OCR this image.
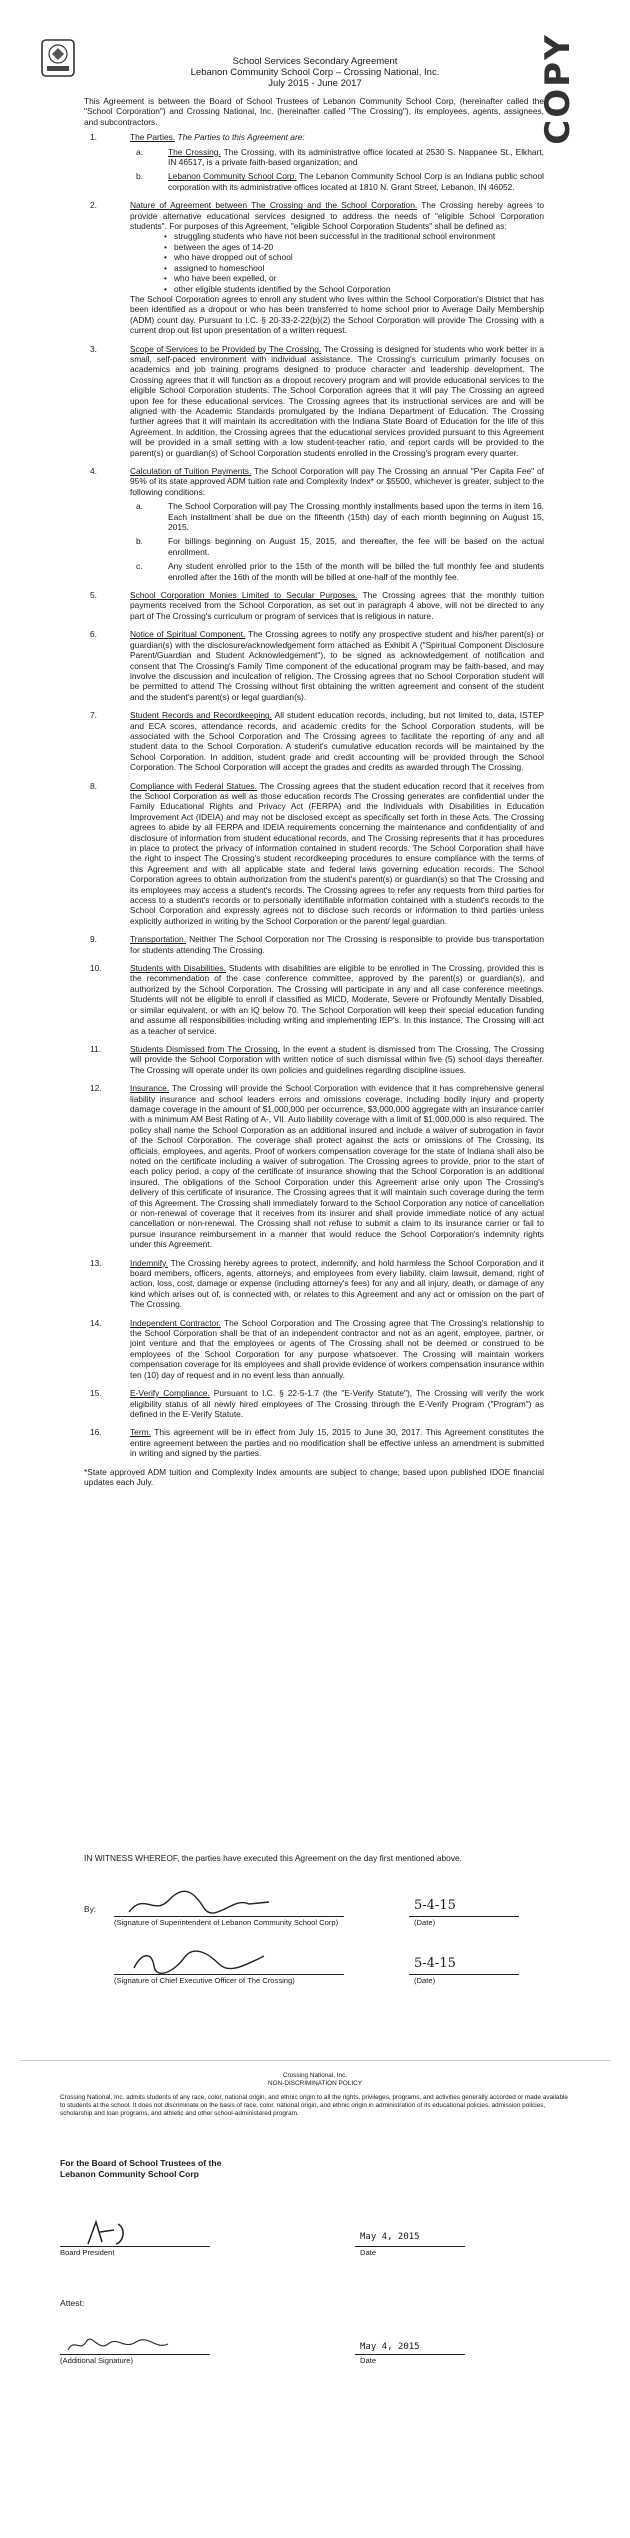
COPY
School Services Secondary Agreement
Lebanon Community School Corp – Crossing National, Inc.
July 2015 - June 2017

This Agreement is between the Board of School Trustees of Lebanon Community School Corp, (hereinafter called the "School Corporation") and Crossing National, Inc. (hereinafter called "The Crossing"), its employees, agents, assignees, and subcontractors.

1.	The Parties. The Parties to this Agreement are:
a.	The Crossing. The Crossing, with its administrative office located at 2530 S. Nappanee St., Elkhart, IN 46517, is a private faith-based organization; and
b.	Lebanon Community School Corp. The Lebanon Community School Corp is an Indiana public school corporation with its administrative offices located at 1810 N. Grant Street, Lebanon, IN 46052.
2.	Nature of Agreement between The Crossing and the School Corporation. The Crossing hereby agrees to provide alternative educational services designed to address the needs of "eligible School Corporation students". For purposes of this Agreement, "eligible School Corporation Students" shall be defined as:
• struggling students who have not been successful in the traditional school environment
• between the ages of 14-20
• who have dropped out of school
• assigned to homeschool
• who have been expelled, or
• other eligible students identified by the School Corporation
The School Corporation agrees to enroll any student who lives within the School Corporation's District that has been identified as a dropout or who has been transferred to home school prior to Average Daily Membership (ADM) count day. Pursuant to I.C. § 20-33-2-22(b)(2) the School Corporation will provide The Crossing with a current drop out list upon presentation of a written request.
3.	Scope of Services to be Provided by The Crossing. The Crossing is designed for students who work better in a small, self-paced environment with individual assistance. The Crossing's curriculum primarily focuses on academics and job training programs designed to produce character and leadership development. The Crossing agrees that it will function as a dropout recovery program and will provide educational services to the eligible School Corporation students. The School Corporation agrees that it will pay The Crossing an agreed upon fee for these educational services. The Crossing agrees that its instructional services are and will be aligned with the Academic Standards promulgated by the Indiana Department of Education. The Crossing further agrees that it will maintain its accreditation with the Indiana State Board of Education for the life of this Agreement. In addition, the Crossing agrees that the educational services provided pursuant to this Agreement will be provided in a small setting with a low student-teacher ratio, and report cards will be provided to the parent(s) or guardian(s) of School Corporation students enrolled in the Crossing's program every quarter.
4.	Calculation of Tuition Payments. The School Corporation will pay The Crossing an annual "Per Capita Fee" of 95% of its state approved ADM tuition rate and Complexity Index* or $5500, whichever is greater, subject to the following conditions:
a.	The School Corporation will pay The Crossing monthly installments based upon the terms in item 16. Each installment shall be due on the fifteenth (15th) day of each month beginning on August 15, 2015.
b.	For billings beginning on August 15, 2015, and thereafter, the fee will be based on the actual enrollment.
c.	Any student enrolled prior to the 15th of the month will be billed the full monthly fee and students enrolled after the 16th of the month will be billed at one-half of the monthly fee.
5.	School Corporation Monies Limited to Secular Purposes. The Crossing agrees that the monthly tuition payments received from the School Corporation, as set out in paragraph 4 above, will not be directed to any part of The Crossing's curriculum or program of services that is religious in nature.
6.	Notice of Spiritual Component. The Crossing agrees to notify any prospective student and his/her parent(s) or guardian(s) with the disclosure/acknowledgement form attached as Exhibit A ("Spiritual Component Disclosure Parent/Guardian and Student Acknowledgement"), to be signed as acknowledgement of notification and consent that The Crossing's Family Time component of the educational program may be faith-based, and may involve the discussion and inculcation of religion. The Crossing agrees that no School Corporation student will be permitted to attend The Crossing without first obtaining the written agreement and consent of the student and the student's parent(s) or legal guardian(s).
7.	Student Records and Recordkeeping. All student education records, including, but not limited to, data, ISTEP and ECA scores, attendance records, and academic credits for the School Corporation students, will be associated with the School Corporation and The Crossing agrees to facilitate the reporting of any and all student data to the School Corporation. A student's cumulative education records will be maintained by the School Corporation. In addition, student grade and credit accounting will be provided through the School Corporation. The School Corporation will accept the grades and credits as awarded through The Crossing.
8.	Compliance with Federal Statues. The Crossing agrees that the student education record that it receives from the School Corporation as well as those education records The Crossing generates are confidential under the Family Educational Rights and Privacy Act (FERPA) and the Individuals with Disabilities in Education Improvement Act (IDEIA) and may not be disclosed except as specifically set forth in these Acts. The Crossing agrees to abide by all FERPA and IDEIA requirements concerning the maintenance and confidentiality of and disclosure of information from student educational records, and The Crossing represents that it has procedures in place to protect the privacy of information contained in student records. The School Corporation shall have the right to inspect The Crossing's student recordkeeping procedures to ensure compliance with the terms of this Agreement and with all applicable state and federal laws governing education records. The School Corporation agrees to obtain authorization from the student's parent(s) or guardian(s) so that The Crossing and its employees may access a student's records. The Crossing agrees to refer any requests from third parties for access to a student's records or to personally identifiable information contained with a student's records to the School Corporation and expressly agrees not to disclose such records or information to third parties unless explicitly authorized in writing by the School Corporation or the parent/ legal guardian.
9.	Transportation. Neither The School Corporation nor The Crossing is responsible to provide bus transportation for students attending The Crossing.
10.	Students with Disabilities. Students with disabilities are eligible to be enrolled in The Crossing, provided this is the recommendation of the case conference committee, approved by the parent(s) or guardian(s), and authorized by the School Corporation. The Crossing will participate in any and all case conference meetings. Students will not be eligible to enroll if classified as MICD, Moderate, Severe or Profoundly Mentally Disabled, or similar equivalent, or with an IQ below 70. The School Corporation will keep their special education funding and assume all responsibilities including writing and implementing IEP's. In this instance, The Crossing will act as a teacher of service.
11.	Students Dismissed from The Crossing. In the event a student is dismissed from The Crossing, The Crossing will provide the School Corporation with written notice of such dismissal within five (5) school days thereafter. The Crossing will operate under its own policies and guidelines regarding discipline issues.
12.	Insurance. The Crossing will provide the School Corporation with evidence that it has comprehensive general liability insurance and school leaders errors and omissions coverage, including bodily injury and property damage coverage in the amount of $1,000,000 per occurrence, $3,000,000 aggregate with an insurance carrier with a minimum AM Best Rating of A-, VII. Auto liability coverage with a limit of $1,000,000 is also required. The policy shall name the School Corporation as an additional insured and include a waiver of subrogation in favor of the School Corporation. The coverage shall protect against the acts or omissions of The Crossing, its officials, employees, and agents. Proof of workers compensation coverage for the state of Indiana shall also be noted on the certificate including a waiver of subrogation. The Crossing agrees to provide, prior to the start of each policy period, a copy of the certificate of insurance showing that the School Corporation is an additional insured. The obligations of the School Corporation under this Agreement arise only upon The Crossing's delivery of this certificate of insurance. The Crossing agrees that it will maintain such coverage during the term of this Agreement. The Crossing shall immediately forward to the School Corporation any notice of cancellation or non-renewal of coverage that it receives from its insurer and shall provide immediate notice of any actual cancellation or non-renewal. The Crossing shall not refuse to submit a claim to its insurance carrier or fail to pursue insurance reimbursement in a manner that would reduce the School Corporation's indemnity rights under this Agreement.
13.	Indemnify. The Crossing hereby agrees to protect, indemnify, and hold harmless the School Corporation and it board members, officers, agents, attorneys, and employees from every liability, claim lawsuit, demand, right of action, loss, cost, damage or expense (including attorney's fees) for any and all injury, death, or damage of any kind which arises out of, is connected with, or relates to this Agreement and any act or omission on the part of The Crossing.
14.	Independent Contractor. The School Corporation and The Crossing agree that The Crossing's relationship to the School Corporation shall be that of an independent contractor and not as an agent, employee, partner, or joint venture and that the employees or agents of The Crossing shall not be deemed or construed to be employees of the School Corporation for any purpose whatsoever. The Crossing will maintain workers compensation coverage for its employees and shall provide evidence of workers compensation insurance within ten (10) day of request and in no event less than annually.
15.	E-Verify Compliance. Pursuant to I.C. § 22-5-1.7 (the "E-Verify Statute"), The Crossing will verify the work eligibility status of all newly hired employees of The Crossing through the E-Verify Program ("Program") as defined in the E-Verify Statute.
16.	Term. This agreement will be in effect from July 15, 2015 to June 30, 2017. This Agreement constitutes the entire agreement between the parties and no modification shall be effective unless an amendment is submitted in writing and signed by the parties.

*State approved ADM tuition and Complexity Index amounts are subject to change; based upon published IDOE financial updates each July.

IN WITNESS WHEREOF, the parties have executed this Agreement on the day first mentioned above.
By:
(Signature of Superintendent of Lebanon Community School Corp)
5-4-15
(Date)
(Signature of Chief Executive Officer of The Crossing)
5-4-15
(Date)
Crossing National, Inc.
NON-DISCRIMINATION POLICY
Crossing National, Inc. admits students of any race, color, national origin, and ethnic origin to all the rights, privileges, programs, and activities generally accorded or made available to students at the school. It does not discriminate on the basis of race, color, national origin, and ethnic origin in administration of its educational policies, admission policies, scholarship and loan programs, and athletic and other school-administered program.
For the Board of School Trustees of the
Lebanon Community School Corp
Board President
May 4, 2015
Date
Attest:
(Additional Signature)
May 4, 2015
Date
